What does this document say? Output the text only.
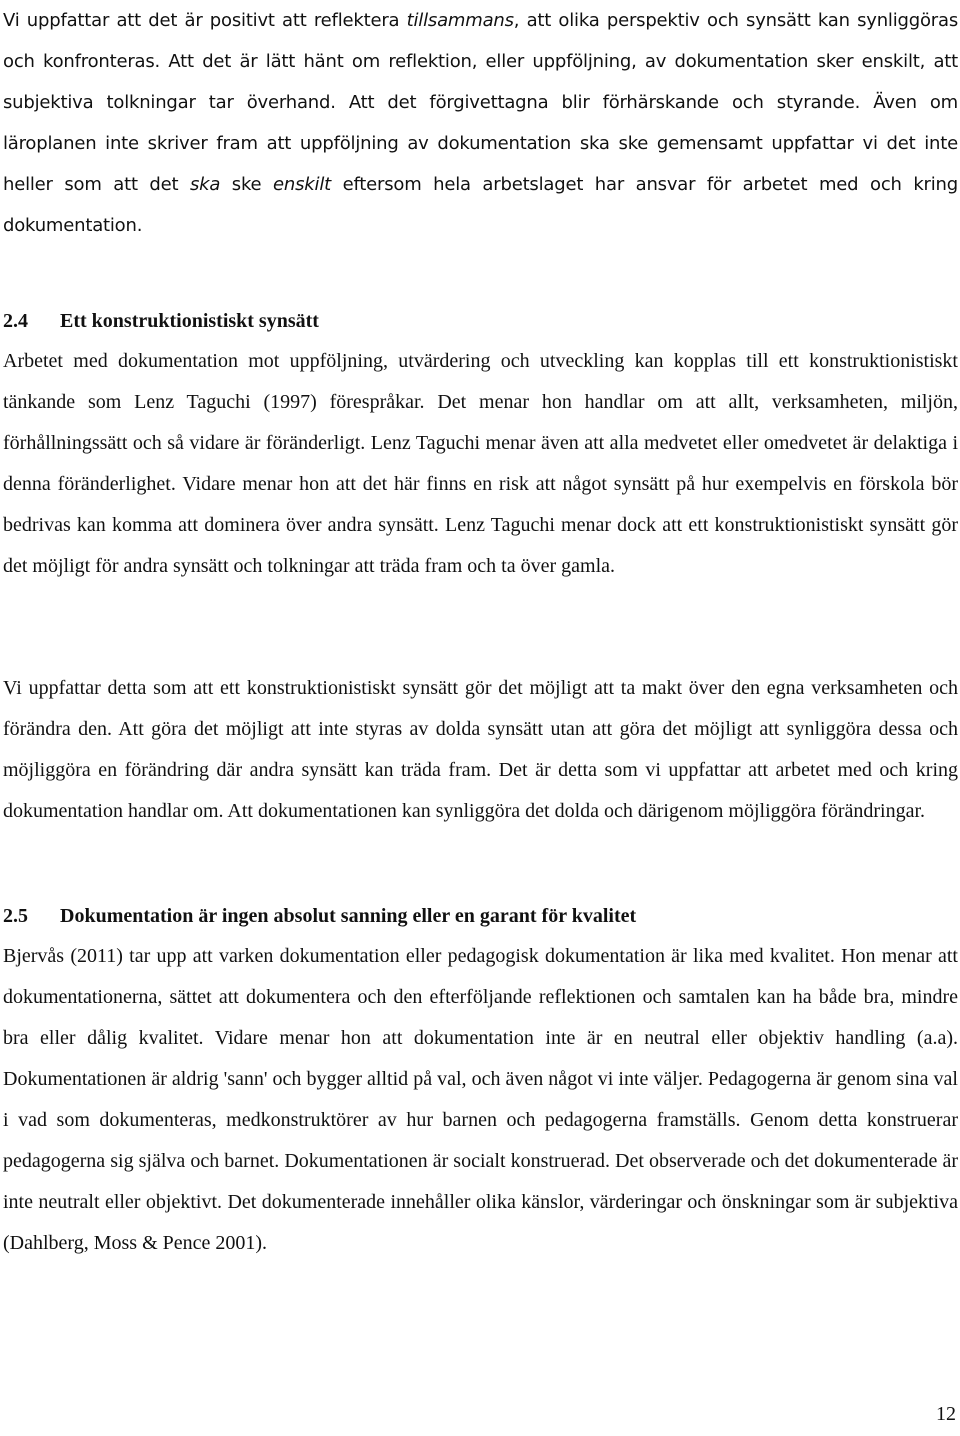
Vi uppfattar att det är positivt att reflektera tillsammans, att olika perspektiv och synsätt kan synliggöras och konfronteras. Att det är lätt hänt om reflektion, eller uppföljning, av dokumentation sker enskilt, att subjektiva tolkningar tar överhand. Att det förgivettagna blir förhärskande och styrande. Även om läroplanen inte skriver fram att uppföljning av dokumentation ska ske gemensamt uppfattar vi det inte heller som att det ska ske enskilt eftersom hela arbetslaget har ansvar för arbetet med och kring dokumentation.

2.4 Ett konstruktionistiskt synsätt

Arbetet med dokumentation mot uppföljning, utvärdering och utveckling kan kopplas till ett konstruktionistiskt tänkande som Lenz Taguchi (1997) förespråkar. Det menar hon handlar om att allt, verksamheten, miljön, förhållningssätt och så vidare är föränderligt. Lenz Taguchi menar även att alla medvetet eller omedvetet är delaktiga i denna föränderlighet. Vidare menar hon att det här finns en risk att något synsätt på hur exempelvis en förskola bör bedrivas kan komma att dominera över andra synsätt. Lenz Taguchi menar dock att ett konstruktionistiskt synsätt gör det möjligt för andra synsätt och tolkningar att träda fram och ta över gamla.

Vi uppfattar detta som att ett konstruktionistiskt synsätt gör det möjligt att ta makt över den egna verksamheten och förändra den. Att göra det möjligt att inte styras av dolda synsätt utan att göra det möjligt att synliggöra dessa och möjliggöra en förändring där andra synsätt kan träda fram. Det är detta som vi uppfattar att arbetet med och kring dokumentation handlar om. Att dokumentationen kan synliggöra det dolda och därigenom möjliggöra förändringar.

2.5 Dokumentation är ingen absolut sanning eller en garant för kvalitet

Bjervås (2011) tar upp att varken dokumentation eller pedagogisk dokumentation är lika med kvalitet. Hon menar att dokumentationerna, sättet att dokumentera och den efterföljande reflektionen och samtalen kan ha både bra, mindre bra eller dålig kvalitet. Vidare menar hon att dokumentation inte är en neutral eller objektiv handling (a.a). Dokumentationen är aldrig 'sann' och bygger alltid på val, och även något vi inte väljer. Pedagogerna är genom sina val i vad som dokumenteras, medkonstruktörer av hur barnen och pedagogerna framställs. Genom detta konstruerar pedagogerna sig själva och barnet. Dokumentationen är socialt konstruerad. Det observerade och det dokumenterade är inte neutralt eller objektivt. Det dokumenterade innehåller olika känslor, värderingar och önskningar som är subjektiva (Dahlberg, Moss & Pence 2001).

12
